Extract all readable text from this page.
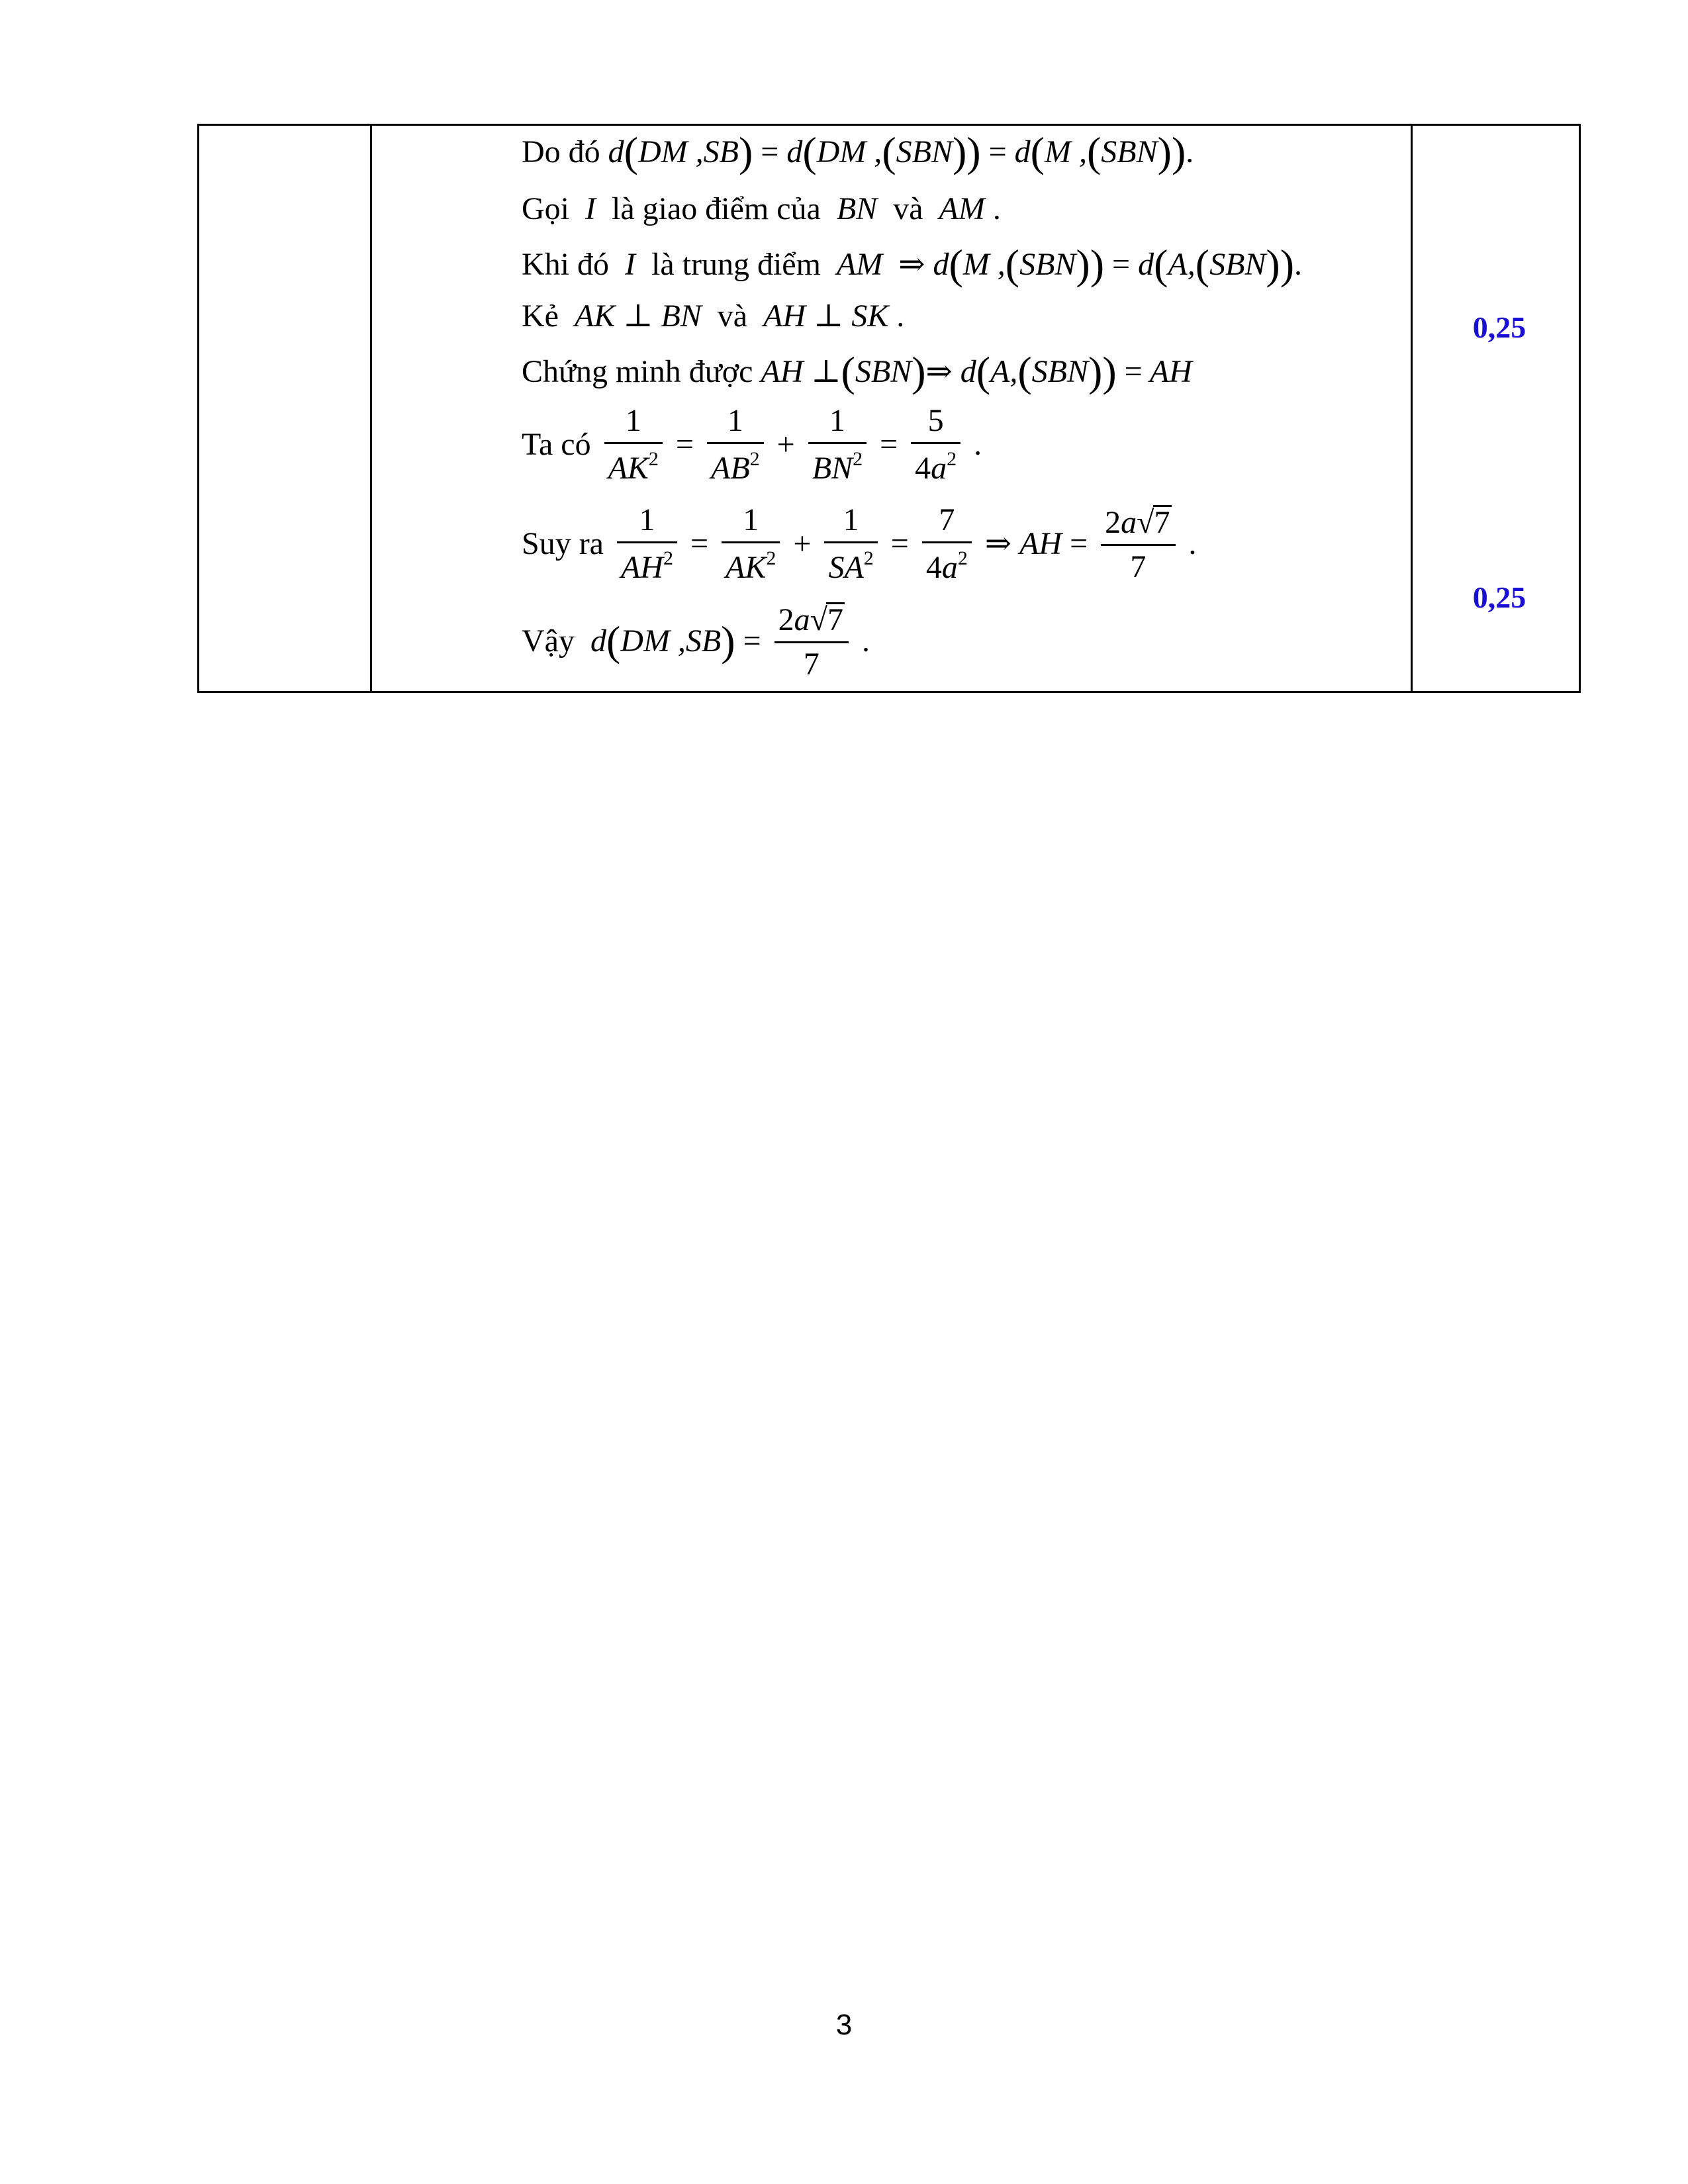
Do đó d(DM ,SB) = d(DM ,(SBN)) = d(M ,(SBN)).
Gọi  I  là giao điểm của  BN  và  AM .
Khi đó  I  là trung điểm  AM  ⇒ d(M ,(SBN)) = d(A,(SBN)).
Kẻ  AK ⊥ BN  và  AH ⊥ SK .
Chứng minh được AH ⊥(SBN)⇒ d(A,(SBN)) = AH
Ta có $\frac{1}{AK^2} = \frac{1}{AB^2} + \frac{1}{BN^2} = \frac{5}{4a^2}$ .
Suy ra $\frac{1}{AH^2} = \frac{1}{AK^2} + \frac{1}{SA^2} = \frac{7}{4a^2}$ ⇒ AH = $\frac{2a√7}{7}$ .
Vậy  d(DM $,SB) = \frac{2a√7}{7}$ .
0,25
0,25
3
